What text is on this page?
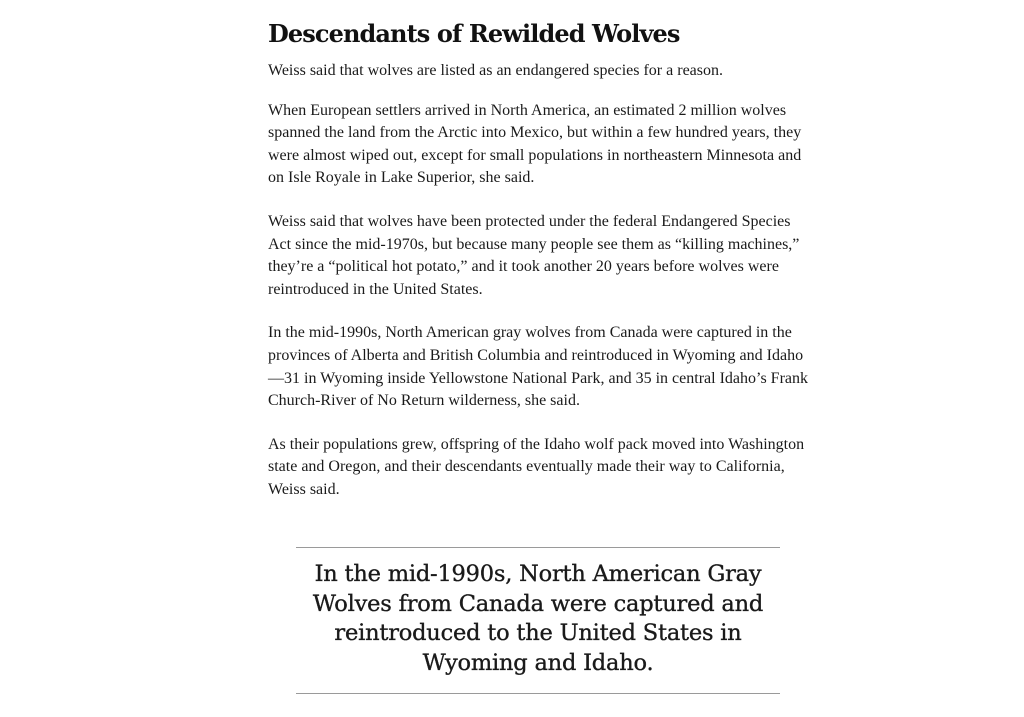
Descendants of Rewilded Wolves

Weiss said that wolves are listed as an endangered species for a reason.

When European settlers arrived in North America, an estimated 2 million wolves spanned the land from the Arctic into Mexico, but within a few hundred years, they were almost wiped out, except for small populations in northeastern Minnesota and on Isle Royale in Lake Superior, she said.

Weiss said that wolves have been protected under the federal Endangered Species Act since the mid-1970s, but because many people see them as “killing machines,” they’re a “political hot potato,” and it took another 20 years before wolves were reintroduced in the United States.

In the mid-1990s, North American gray wolves from Canada were captured in the provinces of Alberta and British Columbia and reintroduced in Wyoming and Idaho—31 in Wyoming inside Yellowstone National Park, and 35 in central Idaho’s Frank Church-River of No Return wilderness, she said.

As their populations grew, offspring of the Idaho wolf pack moved into Washington state and Oregon, and their descendants eventually made their way to California, Weiss said.

In the mid-1990s, North American Gray Wolves from Canada were captured and reintroduced to the United States in Wyoming and Idaho.
